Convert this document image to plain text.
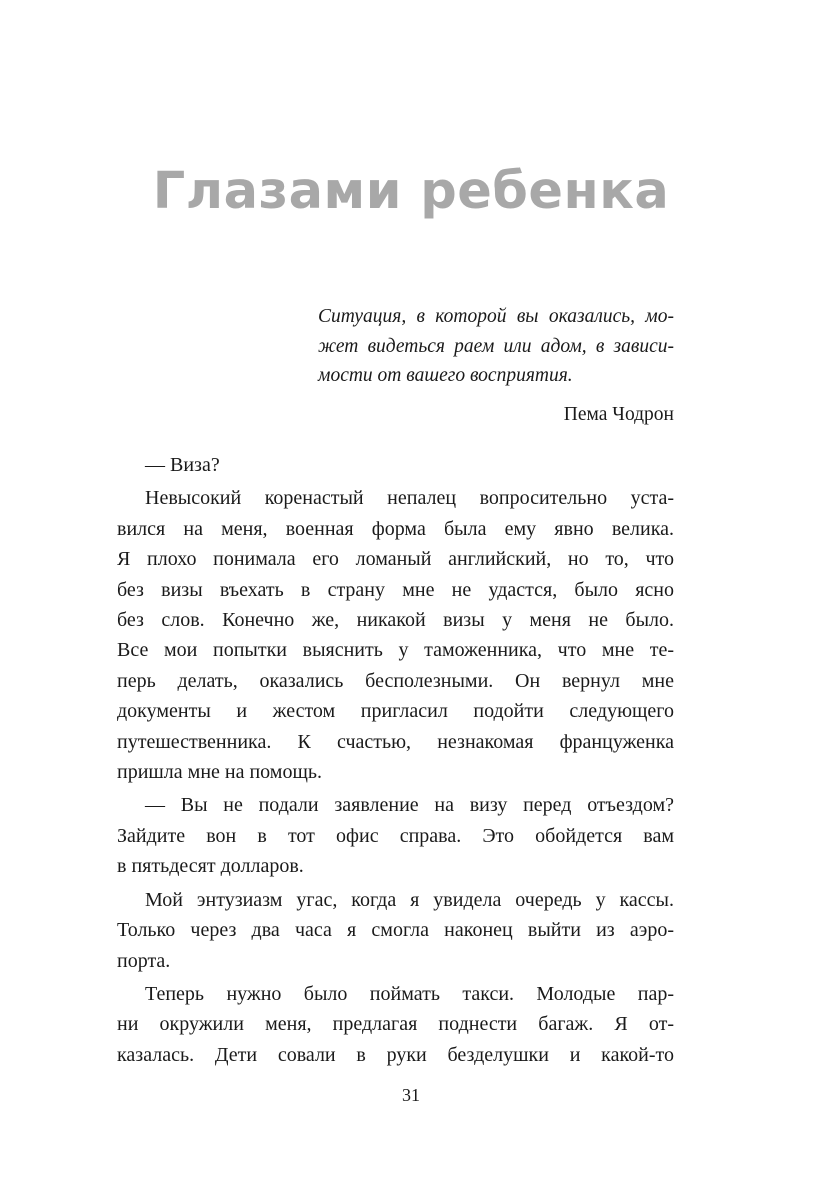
Глазами ребенка

Ситуация, в которой вы оказались, мо-
жет видеться раем или адом, в зависи-
мости от вашего восприятия.

Пема Чодрон

— Виза?
Невысокий коренастый непалец вопросительно уста-
вился на меня, военная форма была ему явно велика.
Я плохо понимала его ломаный английский, но то, что
без визы въехать в страну мне не удастся, было ясно
без слов. Конечно же, никакой визы у меня не было.
Все мои попытки выяснить у таможенника, что мне те-
перь делать, оказались бесполезными. Он вернул мне
документы и жестом пригласил подойти следующего
путешественника. К счастью, незнакомая француженка
пришла мне на помощь.
— Вы не подали заявление на визу перед отъездом?
Зайдите вон в тот офис справа. Это обойдется вам
в пятьдесят долларов.
Мой энтузиазм угас, когда я увидела очередь у кассы.
Только через два часа я смогла наконец выйти из аэро-
порта.
Теперь нужно было поймать такси. Молодые пар-
ни окружили меня, предлагая поднести багаж. Я от-
казалась. Дети совали в руки безделушки и какой-то
31
